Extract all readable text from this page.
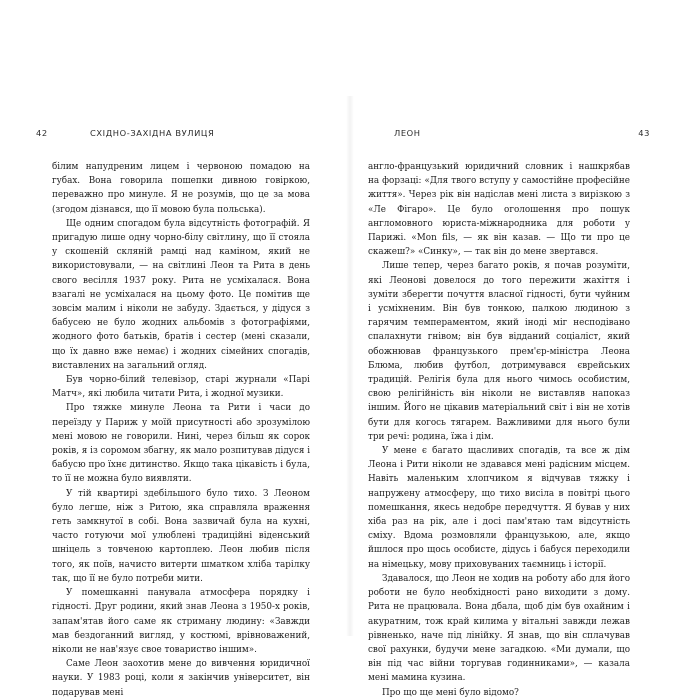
42	СХІДНО-ЗАХІДНА ВУЛИЦЯ

білим напудреним лицем і червоною помадою на губах. Вона говорила пошепки дивною говіркою, переважно про минуле. Я не розумів, що це за мова (згодом дізнався, що її мовою була польська).

Ще одним спогадом була відсутність фотографій. Я пригадую лише одну чорно-білу світлину, що її стояла у скошеній скляній рамці над каміном, який не використовували, — на світлині Леон та Рита в день свого весілля 1937 року. Рита не усміхалася. Вона взагалі не усміхалася на цьому фото. Це помітив ще зовсім малим і ніколи не забуду. Здається, у дідуся з бабусею не було жодних альбомів з фотографіями, жодного фото батьків, братів і сестер (мені сказали, що їх давно вже немає) і жодних сімейних спогадів, виставлених на загальний огляд.

Був чорно-білий телевізор, старі журнали «Парі Матч», які любила читати Рита, і жодної музики.

Про тяжке минуле Леона та Рити і часи до переїзду у Париж у моїй присутності або зрозумілою мені мовою не говорили. Нині, через більш як сорок років, я із соромом збагну, як мало розпитував дідуся і бабусю про їхнє дитинство. Якщо така цікавість і була, то її не можна було виявляти.

У тій квартирі здебільшого було тихо. З Леоном було легше, ніж з Ритою, яка справляла враження геть замкнутої в собі. Вона зазвичай була на кухні, часто готуючи мої улюблені традиційні віденський шніцель з товченою картоплею. Леон любив після того, як поїв, начисто витерти шматком хліба тарілку так, що її не було потреби мити.

У помешканні панувала атмосфера порядку і гідності. Друг родини, який знав Леона з 1950-х років, запам'ятав його саме як стриману людину: «Завжди мав бездоганний вигляд, у костюмі, врівноважений, ніколи не нав'язує свое товариство іншим».

Саме Леон заохотив мене до вивчення юридичної науки. У 1983 році, коли я закінчив університет, він подарував мені

ЛЕОН	43

англо-французький юридичний словник і нашкрябав на форзаці: «Для твого вступу у самостійне професійне життя». Через рік він надіслав мені листа з вирізкою з «Ле Фігаро». Це було оголошення про пошук англомовного юриста-міжнародника для роботи у Парижі. «Mon fils, — як він казав. — Що ти про це скажеш?» «Синку», — так він до мене звертався.

Лише тепер, через багато років, я почав розуміти, які Леонові довелося до того пережити жахіття і зуміти зберегти почуття власної гідності, бути чуйним і усміхненим. Він був тонкою, палкою людиною з гарячим темпераментом, який іноді міг несподівано спалахнути гнівом; він був відданий соціаліст, який обожнював французького прем'єр-міністра Леона Блюма, любив футбол, дотримувався єврейських традицій. Релігія була для нього чимось особистим, свою релігійність він ніколи не виставляв напоказ іншим. Його не цікавив матеріальний світ і він не хотів бути для когось тягарем. Важливими для нього були три речі: родина, їжа і дім.

У мене є багато щасливих спогадів, та все ж дім Леона і Рити ніколи не здавався мені радісним місцем. Навіть маленьким хлопчиком я відчував тяжку і напружену атмосферу, що тихо висіла в повітрі цього помешкання, якесь недобре передчуття. Я бував у них хіба раз на рік, але і досі пам'ятаю там відсутність сміху. Вдома розмовляли французькою, але, якщо йшлося про щось особисте, дідусь і бабуся переходили на німецьку, мову приховуваних таємниць і історії.

Здавалося, що Леон не ходив на роботу або для його роботи не було необхідності рано виходити з дому. Рита не працювала. Вона дбала, щоб дім був охайним і акуратним, тож край килима у вітальні завжди лежав рівненько, наче під лінійку. Я знав, що він сплачував свої рахунки, будучи мене загадкою. «Ми думали, що він під час війни торгував годинниками», — казала мені мамина кузина.

Про що ще мені було відомо?
